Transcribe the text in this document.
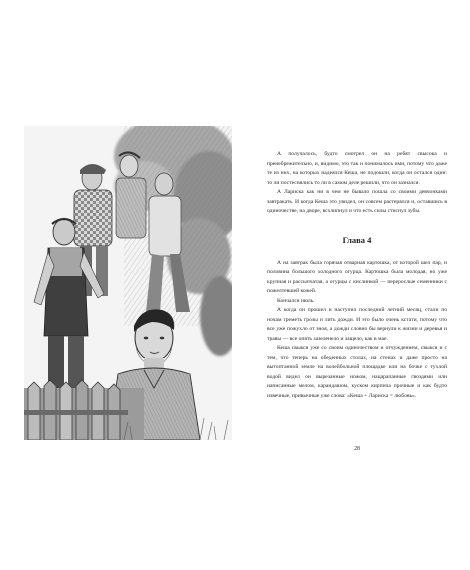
А получалось, будто смотрел он на ребят свысока и пренебрежительно, и, видимо, это так и понималось ими, потому что даже те из них, на которых надеялся Кеша, не подошли, когда он остался один: то ли постеснялись то ли в самом деле решили, что он зазнался.

А Лариска как ни в чем не бывало пошла со своими девчонками завтракать. И когда Кеша это увидел, он совсем растерялся и, оставшись в одиночестве, на дворе, всхлипнул и что есть силы стиснул зубы.

Глава 4

А на завтрак была горячая отварная картошка, от которой шел пар, и половина большого холодного огурца. Картошка была молодая, но уже крупная и рассыпчатая, а огурцы с кислинкой — перерослые семенники с пожелтевшей кожей.

Кончался июль.

А когда он прошел и наступил последний летний месяц, стали по ночам греметь грозы и лить дожди. И это было очень кстати, потому что все уже пожухло от зноя, а дожди словно бы вернули к жизни и деревья и травы — все опять зазеленело и защело, как в мае.

Кеша свыкся уже со своим одиночеством и отчуждением, свыкся и с тем, что теперь на обеденных столах, на стенах и даже просто на вытоптанной земле на волейбольной площадке или на бочке с тухлой водой видел он вырезанные ножом, нацарапанные гвоздями или написанные мелом, карандашом, куском кирпича прочные и как будто извечные, привычные уже слова: «Кеша + Лариска = любовь».

28
